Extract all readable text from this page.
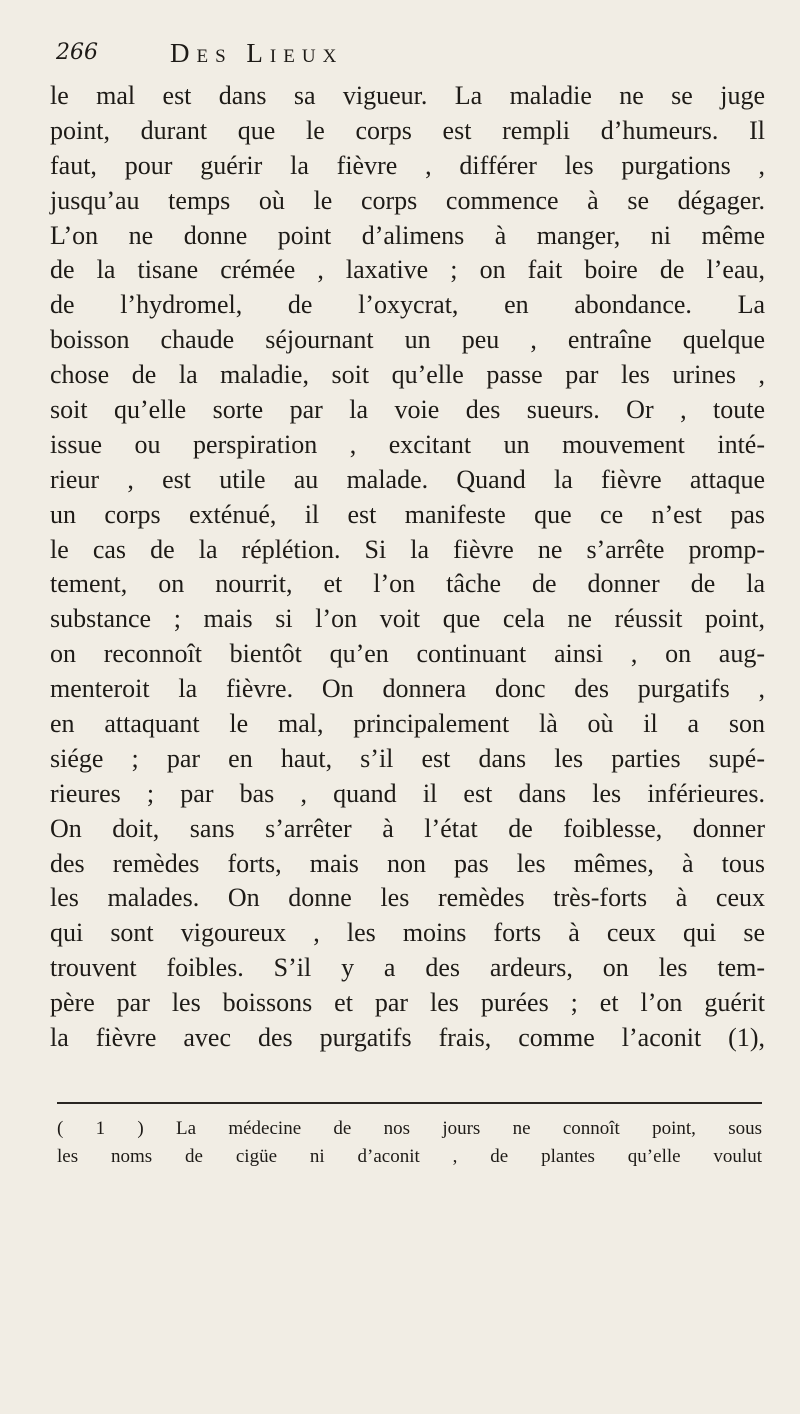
266	Des Lieux
le mal est dans sa vigueur. La maladie ne se juge
point, durant que le corps est rempli d’humeurs. Il
faut, pour guérir la fièvre , différer les purgations ,
jusqu’au temps où le corps commence à se dégager.
L’on ne donne point d’alimens à manger, ni même
de la tisane crémée , laxative ; on fait boire de l’eau,
de l’hydromel, de l’oxycrat, en abondance. La
boisson chaude séjournant un peu , entraîne quelque
chose de la maladie, soit qu’elle passe par les urines ,
soit qu’elle sorte par la voie des sueurs. Or , toute
issue ou perspiration , excitant un mouvement inté-
rieur , est utile au malade. Quand la fièvre attaque
un corps exténué, il est manifeste que ce n’est pas
le cas de la réplétion. Si la fièvre ne s’arrête promp-
tement, on nourrit, et l’on tâche de donner de la
substance ; mais si l’on voit que cela ne réussit point,
on reconnoît bientôt qu’en continuant ainsi , on aug-
menteroit la fièvre. On donnera donc des purgatifs ,
en attaquant le mal, principalement là où il a son
siége ; par en haut, s’il est dans les parties supé-
rieures ; par bas , quand il est dans les inférieures.
On doit, sans s’arrêter à l’état de foiblesse, donner
des remèdes forts, mais non pas les mêmes, à tous
les malades. On donne les remèdes très-forts à ceux
qui sont vigoureux , les moins forts à ceux qui se
trouvent foibles. S’il y a des ardeurs, on les tem-
père par les boissons et par les purées ; et l’on guérit
la fièvre avec des purgatifs frais, comme l’aconit (1),
( 1 ) La médecine de nos jours ne connoît point, sous
les noms de cigüe ni d’aconit , de plantes qu’elle voulut
